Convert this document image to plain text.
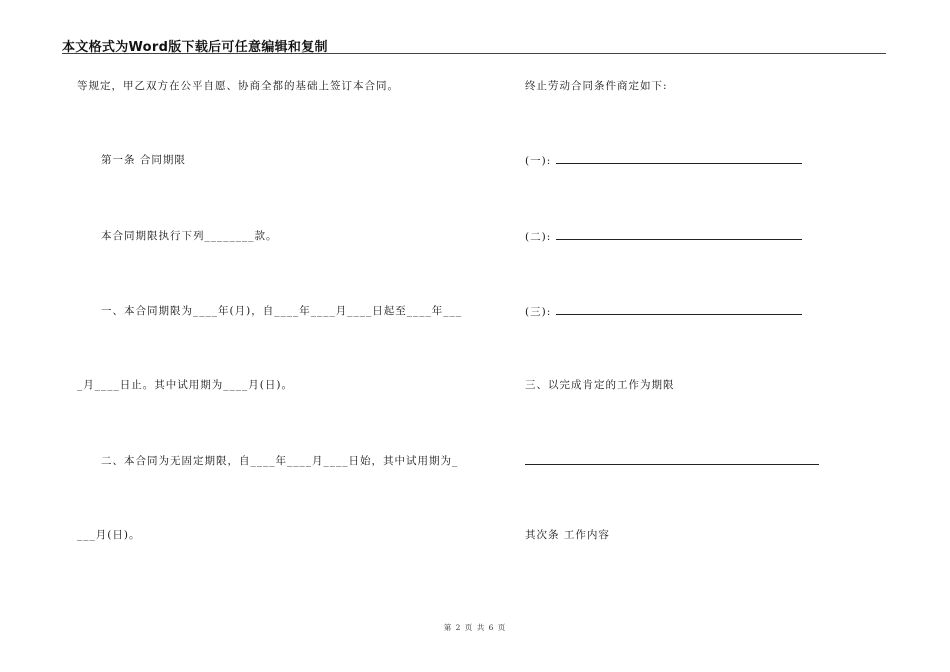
本文格式为Word版下载后可任意编辑和复制
等规定，甲乙双方在公平自愿、协商全都的基础上签订本合同。
第一条 合同期限
本合同期限执行下列________款。
一、本合同期限为____年(月)，自____年____月____日起至____年___
_月____日止。其中试用期为____月(日)。
二、本合同为无固定期限，自____年____月____日始，其中试用期为_
___月(日)。
终止劳动合同条件商定如下:
(一):
(二):
(三):
三、以完成肯定的工作为期限
其次条 工作内容
第 2 页 共 6 页
